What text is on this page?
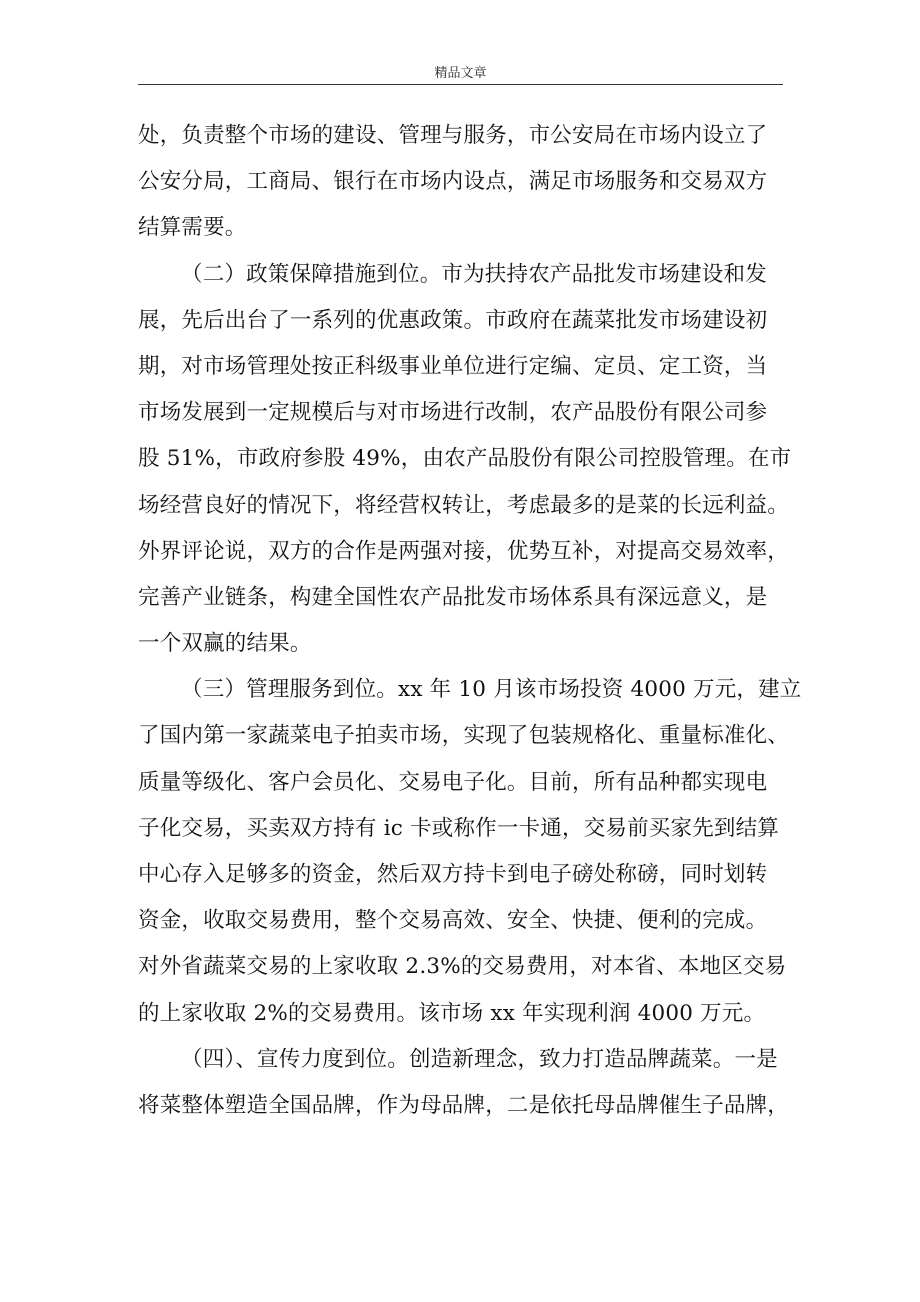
精品文章
处，负责整个市场的建设、管理与服务，市公安局在市场内设立了
公安分局，工商局、银行在市场内设点，满足市场服务和交易双方
结算需要。
（二）政策保障措施到位。市为扶持农产品批发市场建设和发
展，先后出台了一系列的优惠政策。市政府在蔬菜批发市场建设初
期，对市场管理处按正科级事业单位进行定编、定员、定工资，当
市场发展到一定规模后与对市场进行改制，农产品股份有限公司参
股 51%，市政府参股 49%，由农产品股份有限公司控股管理。在市
场经营良好的情况下，将经营权转让，考虑最多的是菜的长远利益。
外界评论说，双方的合作是两强对接，优势互补，对提高交易效率，
完善产业链条，构建全国性农产品批发市场体系具有深远意义，是
一个双赢的结果。
（三）管理服务到位。xx 年 10 月该市场投资 4000 万元，建立
了国内第一家蔬菜电子拍卖市场，实现了包装规格化、重量标准化、
质量等级化、客户会员化、交易电子化。目前，所有品种都实现电
子化交易，买卖双方持有 ic 卡或称作一卡通，交易前买家先到结算
中心存入足够多的资金，然后双方持卡到电子磅处称磅，同时划转
资金，收取交易费用，整个交易高效、安全、快捷、便利的完成。
对外省蔬菜交易的上家收取 2.3%的交易费用，对本省、本地区交易
的上家收取 2%的交易费用。该市场 xx 年实现利润 4000 万元。
（四）、宣传力度到位。创造新理念，致力打造品牌蔬菜。一是
将菜整体塑造全国品牌，作为母品牌，二是依托母品牌催生子品牌，
